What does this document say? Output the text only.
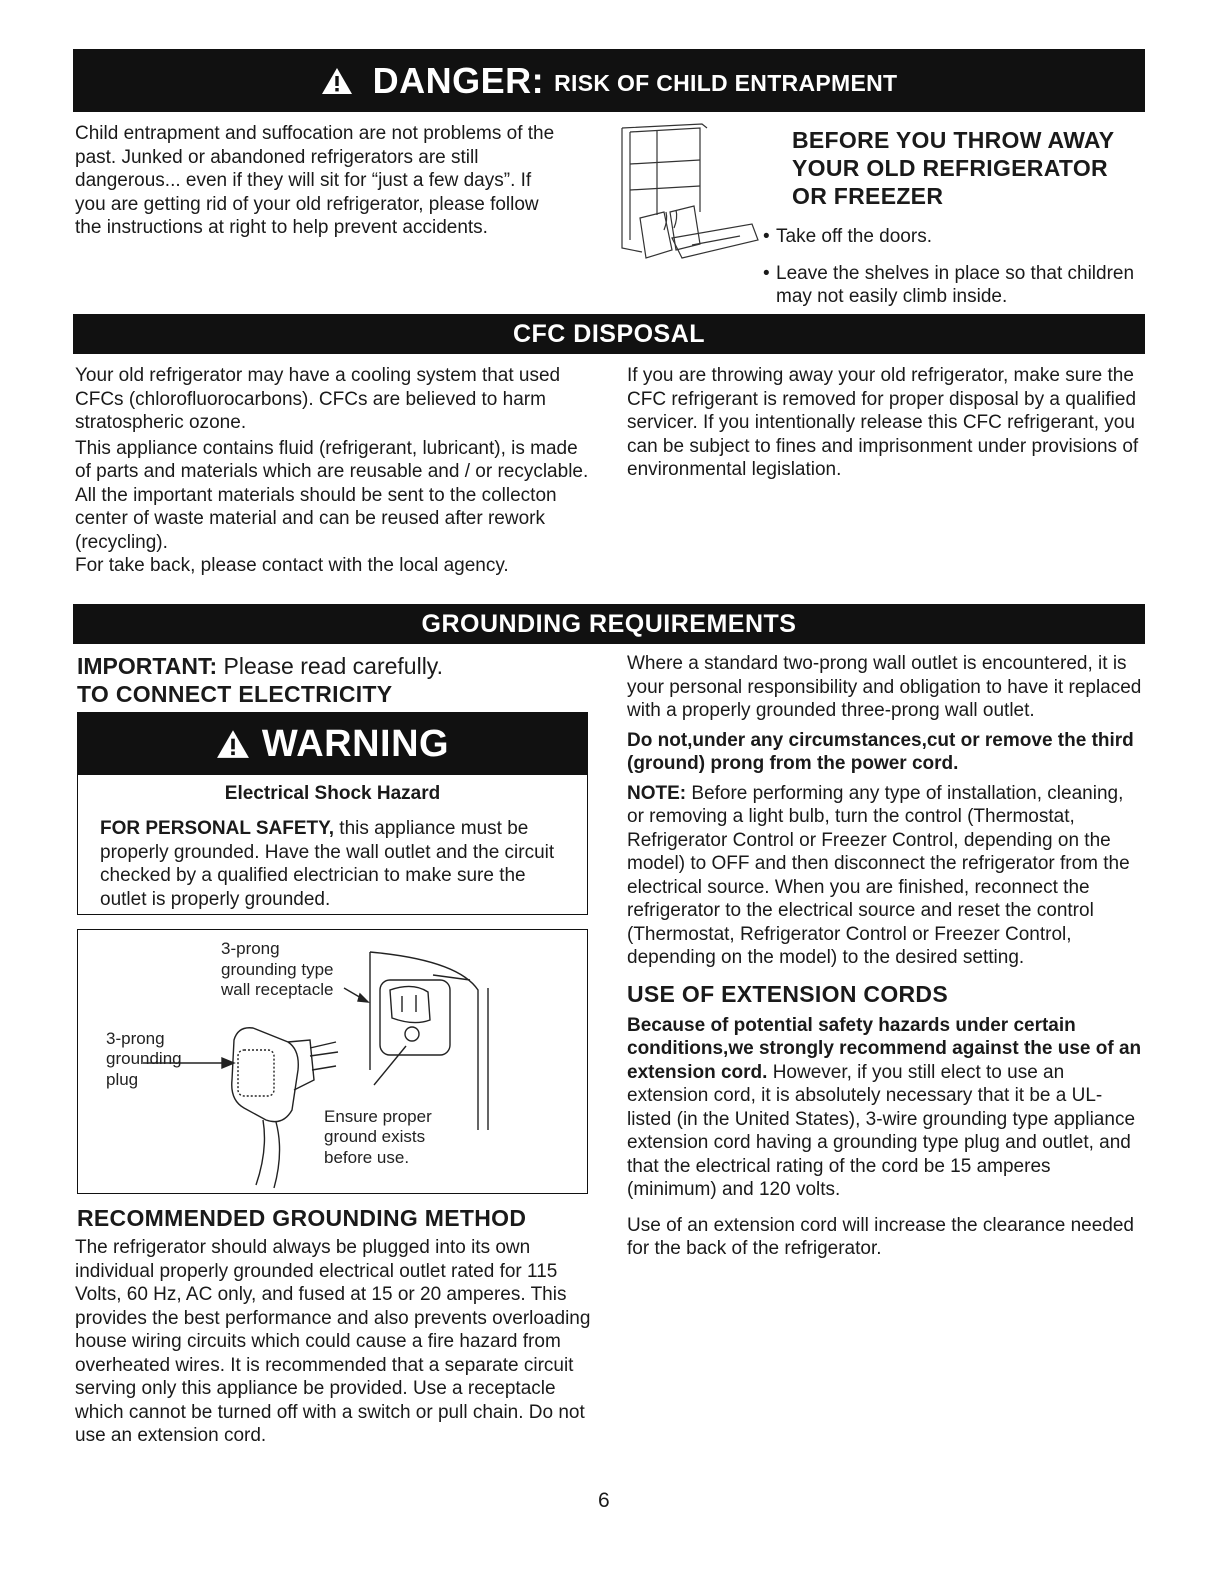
DANGER: RISK OF CHILD ENTRAPMENT

Child entrapment and suffocation are not problems of the past. Junked or abandoned refrigerators are still dangerous... even if they will sit for “just a few days”. If you are getting rid of your old refrigerator, please follow the instructions at right to help prevent accidents.

BEFORE YOU THROW AWAY

YOUR OLD REFRIGERATOR

OR FREEZER

• Take off the doors.
• Leave the shelves in place so that children may not easily climb inside.
CFC DISPOSAL

Your old refrigerator may have a cooling system that used CFCs (chlorofluorocarbons). CFCs are believed to harm stratospheric ozone.

This appliance contains fluid (refrigerant, lubricant), is made of parts and materials which are reusable and / or recyclable. All the important materials should be sent to the collecton center of waste material and can be reused after rework (recycling).

For take back, please contact with the local agency.

If you are throwing away your old refrigerator, make sure the CFC refrigerant is removed for proper disposal by a qualified servicer. If you intentionally release this CFC refrigerant, you can be subject to fines and imprisonment under provisions of environmental legislation.

GROUNDING REQUIREMENTS
IMPORTANT: Please read carefully.

TO CONNECT ELECTRICITY

WARNING
Electrical Shock Hazard

FOR PERSONAL SAFETY, this appliance must be properly grounded. Have the wall outlet and the circuit checked by a qualified electrician to make sure the outlet is properly grounded.

3-prong
grounding type
wall receptacle
3-prong
grounding
plug
Ensure proper
ground exists
before use.

RECOMMENDED GROUNDING METHOD

The refrigerator should always be plugged into its own individual properly grounded electrical outlet rated for 115 Volts, 60 Hz, AC only, and fused at 15 or 20 amperes. This provides the best performance and also prevents overloading house wiring circuits which could cause a fire hazard from overheated wires. It is recommended that a separate circuit serving only this appliance be provided. Use a receptacle which cannot be turned off with a switch or pull chain. Do not use an extension cord.

Where a standard two-prong wall outlet is encountered, it is your personal responsibility and obligation to have it replaced with a properly grounded three-prong wall outlet.

Do not,under any circumstances,cut or remove the third (ground) prong from the power cord.

NOTE: Before performing any type of installation, cleaning, or removing a light bulb, turn the control (Thermostat, Refrigerator Control or Freezer Control, depending on the model) to OFF and then disconnect the refrigerator from the electrical source. When you are finished, reconnect the refrigerator to the electrical source and reset the control (Thermostat, Refrigerator Control or Freezer Control, depending on the model) to the desired setting.

USE OF EXTENSION CORDS

Because of potential safety hazards under certain conditions,we strongly recommend against the use of an extension cord. However, if you still elect to use an extension cord, it is absolutely necessary that it be a UL-listed (in the United States), 3-wire grounding type appliance extension cord having a grounding type plug and outlet, and that the electrical rating of the cord be 15 amperes (minimum) and 120 volts.

Use of an extension cord will increase the clearance needed for the back of the refrigerator.

6
